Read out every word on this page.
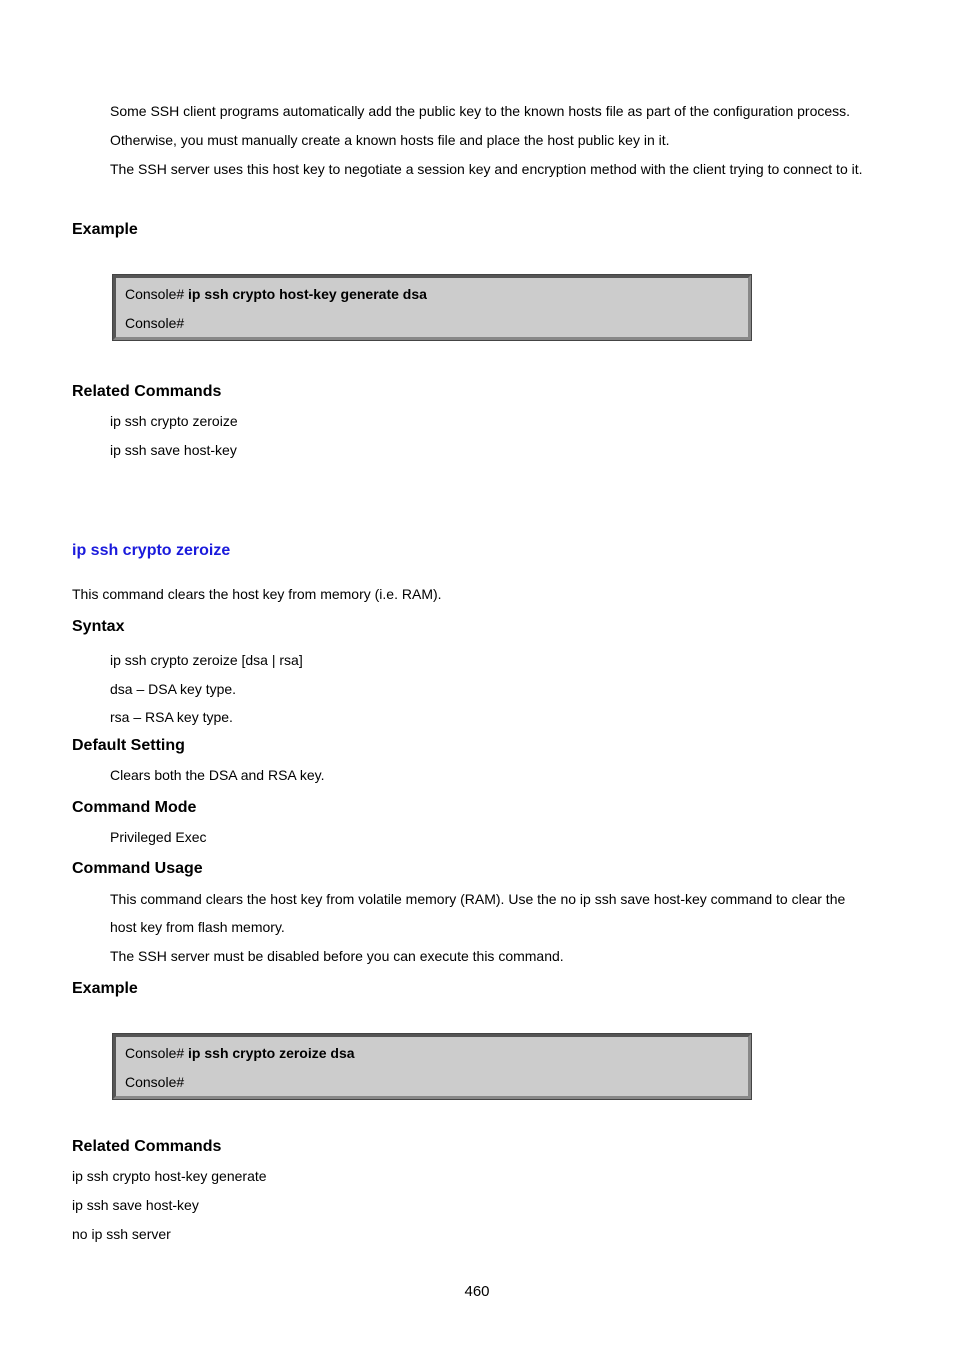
Some SSH client programs automatically add the public key to the known hosts file as part of the configuration process.
Otherwise, you must manually create a known hosts file and place the host public key in it.
The SSH server uses this host key to negotiate a session key and encryption method with the client trying to connect to it.
Example
Console# ip ssh crypto host-key generate dsa
Console#
Related Commands
ip ssh crypto zeroize
ip ssh save host-key
ip ssh crypto zeroize
This command clears the host key from memory (i.e. RAM).
Syntax
ip ssh crypto zeroize [dsa | rsa]
dsa – DSA key type.
rsa – RSA key type.
Default Setting
Clears both the DSA and RSA key.
Command Mode
Privileged Exec
Command Usage
This command clears the host key from volatile memory (RAM). Use the no ip ssh save host-key command to clear the
host key from flash memory.
The SSH server must be disabled before you can execute this command.
Example
Console# ip ssh crypto zeroize dsa
Console#
Related Commands
ip ssh crypto host-key generate
ip ssh save host-key
no ip ssh server
460
